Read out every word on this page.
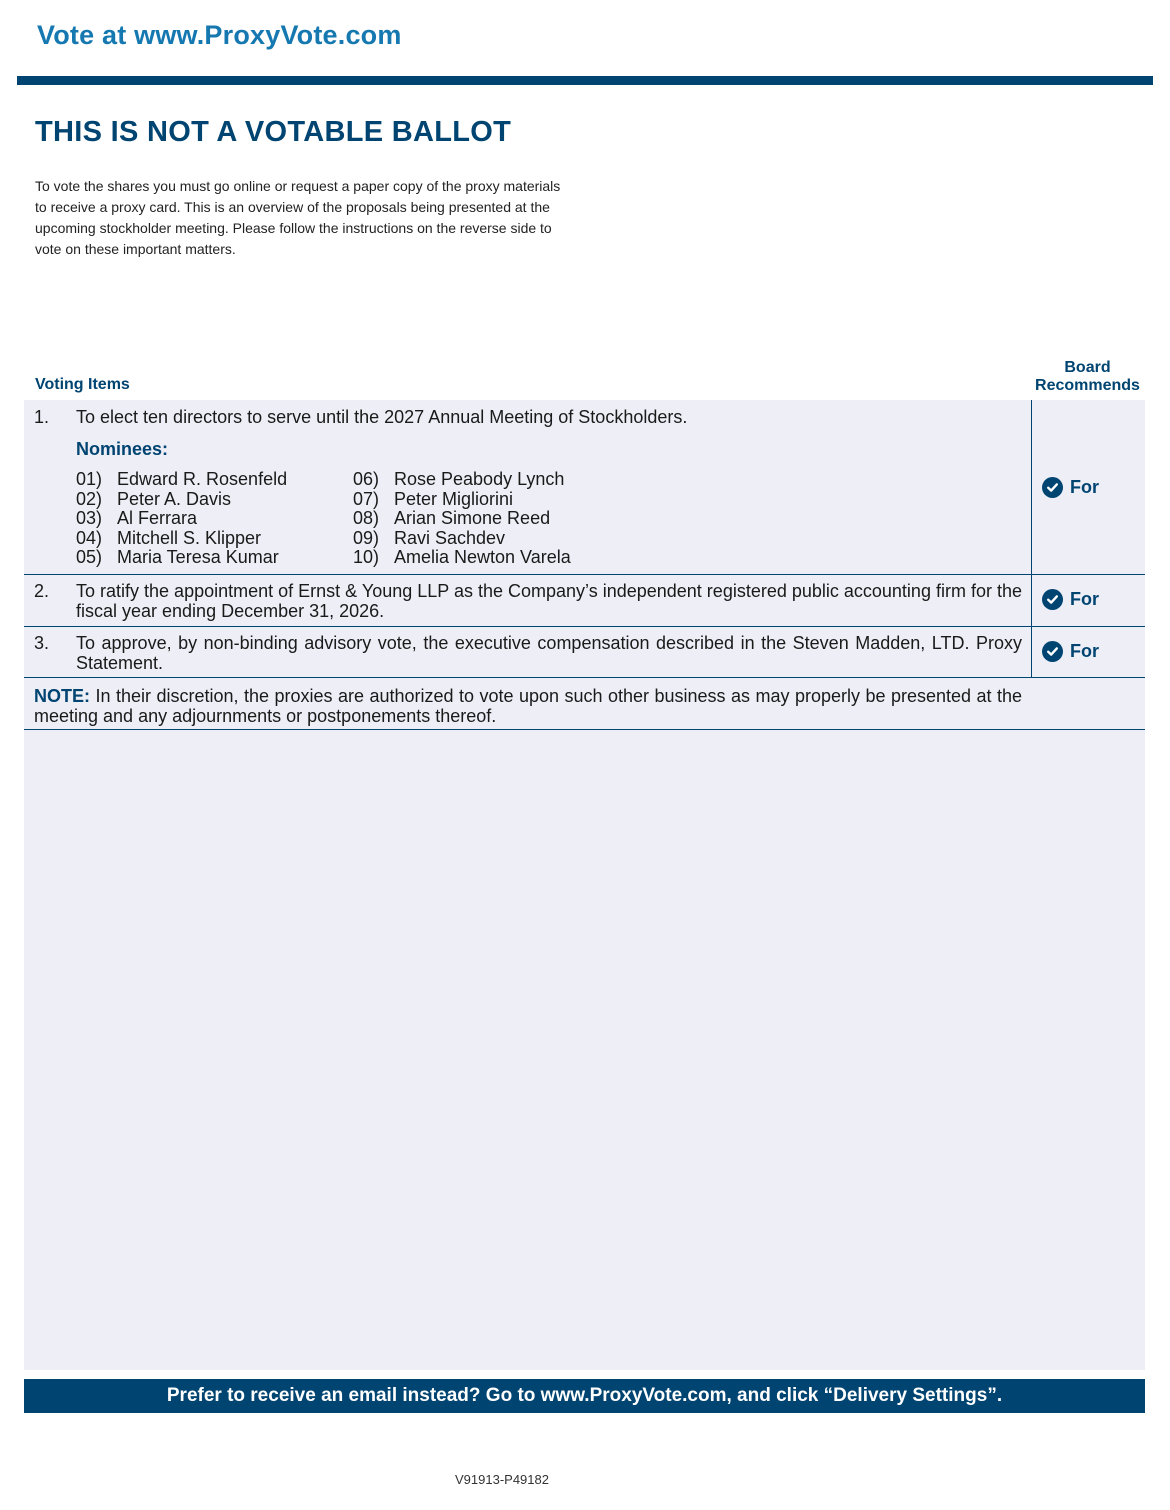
Vote at www.ProxyVote.com
THIS IS NOT A VOTABLE BALLOT
To vote the shares you must go online or request a paper copy of the proxy materials to receive a proxy card. This is an overview of the proposals being presented at the upcoming stockholder meeting. Please follow the instructions on the reverse side to vote on these important matters.
Voting Items
Board
Recommends
For
1. To elect ten directors to serve until the 2027 Annual Meeting of Stockholders.
Nominees:
01) Edward R. Rosenfeld
02) Peter A. Davis
03) Al Ferrara
04) Mitchell S. Klipper
05) Maria Teresa Kumar
06) Rose Peabody Lynch
07) Peter Migliorini
08) Arian Simone Reed
09) Ravi Sachdev
10) Amelia Newton Varela
For
2. To ratify the appointment of Ernst & Young LLP as the Company’s independent registered public accounting firm for the fiscal year ending December 31, 2026.
For
3. To approve, by non-binding advisory vote, the executive compensation described in the Steven Madden, LTD. Proxy Statement.
NOTE: In their discretion, the proxies are authorized to vote upon such other business as may properly be presented at the meeting and any adjournments or postponements thereof.
Prefer to receive an email instead? Go to www.ProxyVote.com, and click “Delivery Settings”.
V91913-P49182
